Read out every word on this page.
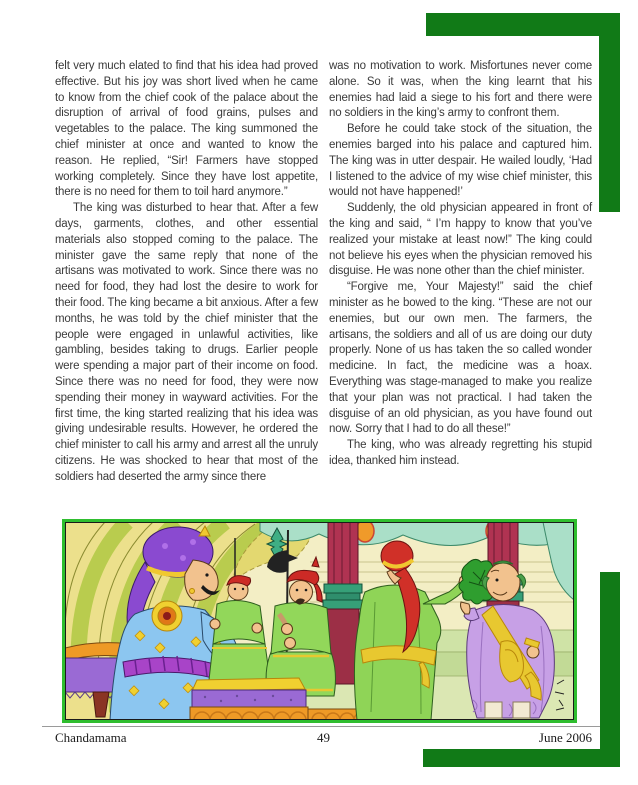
felt very much elated to find that his idea had proved effective. But his joy was short lived when he came to know from the chief cook of the palace about the disruption of arrival of food grains, pulses and vegetables to the palace. The king summoned the chief minister at once and wanted to know the reason. He replied, “Sir! Farmers have stopped working completely. Since they have lost appetite, there is no need for them to toil hard anymore.”

The king was disturbed to hear that. After a few days, garments, clothes, and other essential materials also stopped coming to the palace. The minister gave the same reply that none of the artisans was motivated to work. Since there was no need for food, they had lost the desire to work for their food. The king became a bit anxious. After a few months, he was told by the chief minister that the people were engaged in unlawful activities, like gambling, besides taking to drugs. Earlier people were spending a major part of their income on food. Since there was no need for food, they were now spending their money in wayward activities. For the first time, the king started realizing that his idea was giving undesirable results. However, he ordered the chief minister to call his army and arrest all the unruly citizens. He was shocked to hear that most of the soldiers had deserted the army since there

was no motivation to work. Misfortunes never come alone. So it was, when the king learnt that his enemies had laid a siege to his fort and there were no soldiers in the king’s army to confront them.

Before he could take stock of the situation, the enemies barged into his palace and captured him. The king was in utter despair. He wailed loudly, ‘Had I listened to the advice of my wise chief minister, this would not have happened!’

Suddenly, the old physician appeared in front of the king and said, “ I’m happy to know that you’ve realized your mistake at least now!” The king could not believe his eyes when the physician removed his disguise. He was none other than the chief minister.

“Forgive me, Your Majesty!” said the chief minister as he bowed to the king. “These are not our enemies, but our own men. The farmers, the artisans, the soldiers and all of us are doing our duty properly. None of us has taken the so called wonder medicine. In fact, the medicine was a hoax. Everything was stage-managed to make you realize that your plan was not practical. I had taken the disguise of an old physician, as you have found out now. Sorry that I had to do all these!”

The king, who was already regretting his stupid idea, thanked him instead.

Chandamama	49	June 2006
